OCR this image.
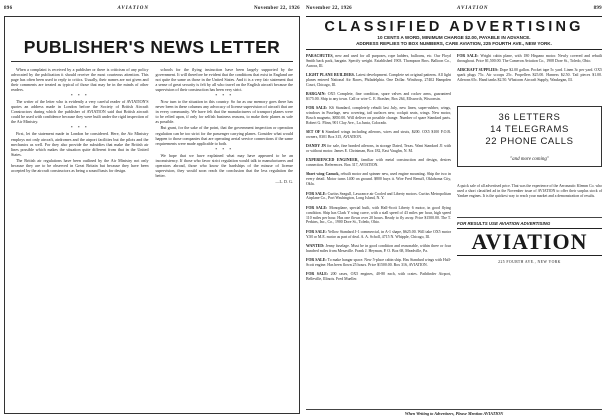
896	AVIATION	November 22, 1926
PUBLISHER'S NEWS LETTER

When a complaint is received by a publisher or there is criticism of any policy advocated by the publication it should receive the most courteous attention. This page has often been used to reply to critics. Usually, their names are not given and their comments are treated as typical of those that may be in the minds of other readers.

* * *

The writer of the letter who is evidently a very careful reader of AVIATION'S quotes an address made in London before the Society of British Aircraft Constructors during which the publisher of AVIATION said that British aircraft could be used with confidence because they were built under the rigid inspection of the Air Ministry.

* * *

First, let the statement made in London be considered. Here, the Air Ministry employs not only aircraft, airdromes and the airport facilities but the pilots and the mechanics as well. For they also provide the subsidies that make the British air lines possible which makes the situation quite different from that in the United States.

The British air regulations have been outlined by the Air Ministry not only because they are to be observed in Great Britain but because they have been accepted by the aircraft constructors as being a sound basis for design.

schools for the flying instruction have been largely supported by the government. It will therefore be evident that the conditions that exist in England are not quite the same as those in the United States. And it is a very fair statement that a sense of great security is felt by all who travel on the English aircraft because the supervision of their construction has been very strict.

* * *

Now turn to the situation in this country. So far as our memory goes there has never been in these columns any advocacy of license supervision of aircraft that are in every community. We have felt that the manufacturers of transport planes were to be relied upon, if only for selfish business reasons, to make their planes as safe as possible.

But grant, for the sake of the point, that the government inspection or operation regulation can be too strict for the passenger carrying planes. Consider what would happen to those companies that are operating aerial service connections if the same requirements were made applicable to both.

* * *

We hope that we have explained what may have appeared to be an inconsistency. If those who favor strict regulation would talk to manufacturers and operators abroad, those who know the hardships of the misuse of license supervision, they would soon reach the conclusion that the less regulation the better.

—L. D. G.

November 22, 1926	AVIATION	899
CLASSIFIED ADVERTISING
10 CENTS A WORD, MINIMUM CHARGE $2.00, PAYABLE IN ADVANCE.
ADDRESS REPLIES TO BOX NUMBERS, CARE AVIATION, 225 FOURTH AVE., NEW YORK.

PARACHUTES, new and used for all purposes, rope ladders, balloons, etc. Our Floyd Smith back pack, bargain. Specify weight. Established 1903. Thompson Bros. Balloon Co., Aurora, Ill.

LIGHT PLANE BUILDERS. Latest development. Complete set original patterns. All light planes entered National Air Races, Philadelphia. One Dollar. Winthrop, 27402 Hampden Court, Chicago, Ill.

BARGAIN: OX5 Complete, fine condition, spare valves and rocker arms, guaranteed $175.00. Ship to any town. Call or wire C. E. Brasher, Box 264, Ellsworth, Wisconsin.

FOR SALE: K6 Standard, completely rebuilt last July, new linen, super-rubber, wings, windows in Fuselage, new covering, tail surfaces new, cockpit seats, wings. New motor, Bosch magneto, $850.00. Will deliver on possible change. Number of spare Standard parts. Robert G. Flinn, 901 Clay Ave., La Junta, Colorado.

SET OF 6 Standard wings including ailerons, wires and struts, $200. OX5 $100 F.O.B. owners, 8301 Box 315, AVIATION.

DANDY JN for sale, fine bonded ailerons, in storage Dated, Texas. Want Standard J1 with or without motor. James E. Christman, Box 182, East Vaughn, N. M.

EXPERIENCED ENGINEER, familiar with metal construction and design, desires connection. References. Box 317, AVIATION.

Short wing Canuck, rebuilt motor and spinner new, used engine mounting. Ship the two in every detail. Motor turns 1400 on ground. $800 buys it. Wire Fred Renuff, Oklahoma City, Okla.

FOR SALE: Curtiss Seagull, Lawrance air Cooled and Liberty motors. Curtiss Metropolitan Airplane Co., Port Washington, Long Island, N. Y.

FOR SALE: Monoplane, special built, with Hall-Scott Liberty 6 motor, in good flying condition. Ship has Clark Y wing curve, with a stall speed of 43 miles per hour, high speed 110 miles per hour. Has one flown over 20 hours. Ready to fly away. Price $1500.00. The T. Perkins, Inc., Co., 1900 Dore St., Toledo, Ohio.

FOR SALE: Yellow Standard J-1 commercial, in A-1 shape, $625.00. Will take OX5 motor Y.M or M.E. motor as part of deal. A. A. Scholl, 4715 N. Whipple, Chicago, Ill.

WANTED: Jenny fuselage. Must be in good condition and reasonable, within three or four hundred miles from Mesaville. Frank J. Heyman, P. O. Box 68, Meadville, Pa.

FOR SALE: To make hangar space. New 5-place cabin ship. Has Standard wings with Hall-Scott engine. Has been flown 25 hours. Price $1500.00. Box 316, AVIATION.

FOR SALE: 200 cases, OX5 engines, 40-80 each, with crates. Pathfinder Airport, Belleville, Illinois. Fred Mueller.

FOR SALE: Wright cabin plane, with 180 Hispano motor. Newly covered and rebuilt throughout. Price $1,500.00. The Cameron Aviation Co., 1908 Dore St., Toledo, Ohio.

AIRCRAFT SUPPLIES: Dope $2.00 gallon. Pocket tape 5c yard. Linen 3c per yard. OX5 spark plugs 75c. Air scoops 25c. Propellers $25.00. Harness $2.50. Tail pieces $1.00. Ailerons 65c. Hand tanks $2.50. Whatcom Aircraft Supply, Waukegan, Ill.

36 LETTERS
14 TELEGRAMS
22 PHONE CALLS
"and more coming"

A quick sale of all advertised price. That was the experience of the Aeronautic Klemm Co. who used a short classified ad in the November issue of AVIATION to offer their surplus stock of Yankee engines. It is the quickest way to reach your market and a demonstration of results.

FOR RESULTS USE AVIATION ADVERTISING
AVIATION
225 FOURTH AVE., NEW YORK
When Writing to Advertisers, Please Mention AVIATION
